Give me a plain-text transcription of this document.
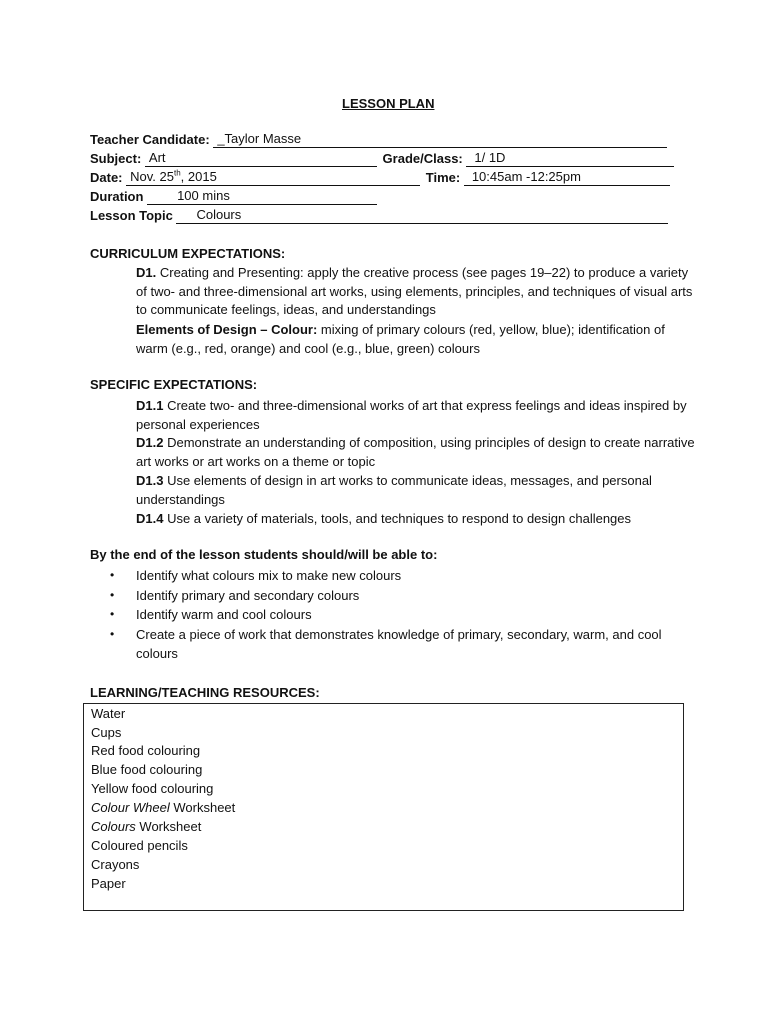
LESSON PLAN
Teacher Candidate: _Taylor Masse
Subject: Art	Grade/Class: 1/ 1D
Date: Nov. 25th, 2015	Time: 10:45am -12:25pm
Duration	100 mins
Lesson Topic Colours
CURRICULUM EXPECTATIONS:
D1. Creating and Presenting: apply the creative process (see pages 19–22) to produce a variety of two- and three-dimensional art works, using elements, principles, and techniques of visual arts to communicate feelings, ideas, and understandings
Elements of Design – Colour: mixing of primary colours (red, yellow, blue); identification of warm (e.g., red, orange) and cool (e.g., blue, green) colours
SPECIFIC EXPECTATIONS:
D1.1 Create two- and three-dimensional works of art that express feelings and ideas inspired by personal experiences
D1.2 Demonstrate an understanding of composition, using principles of design to create narrative art works or art works on a theme or topic
D1.3 Use elements of design in art works to communicate ideas, messages, and personal understandings
D1.4 Use a variety of materials, tools, and techniques to respond to design challenges
By the end of the lesson students should/will be able to:
• Identify what colours mix to make new colours
• Identify primary and secondary colours
• Identify warm and cool colours
• Create a piece of work that demonstrates knowledge of primary, secondary, warm, and cool colours
LEARNING/TEACHING RESOURCES:
Water
Cups
Red food colouring
Blue food colouring
Yellow food colouring
Colour Wheel Worksheet
Colours Worksheet
Coloured pencils
Crayons
Paper
